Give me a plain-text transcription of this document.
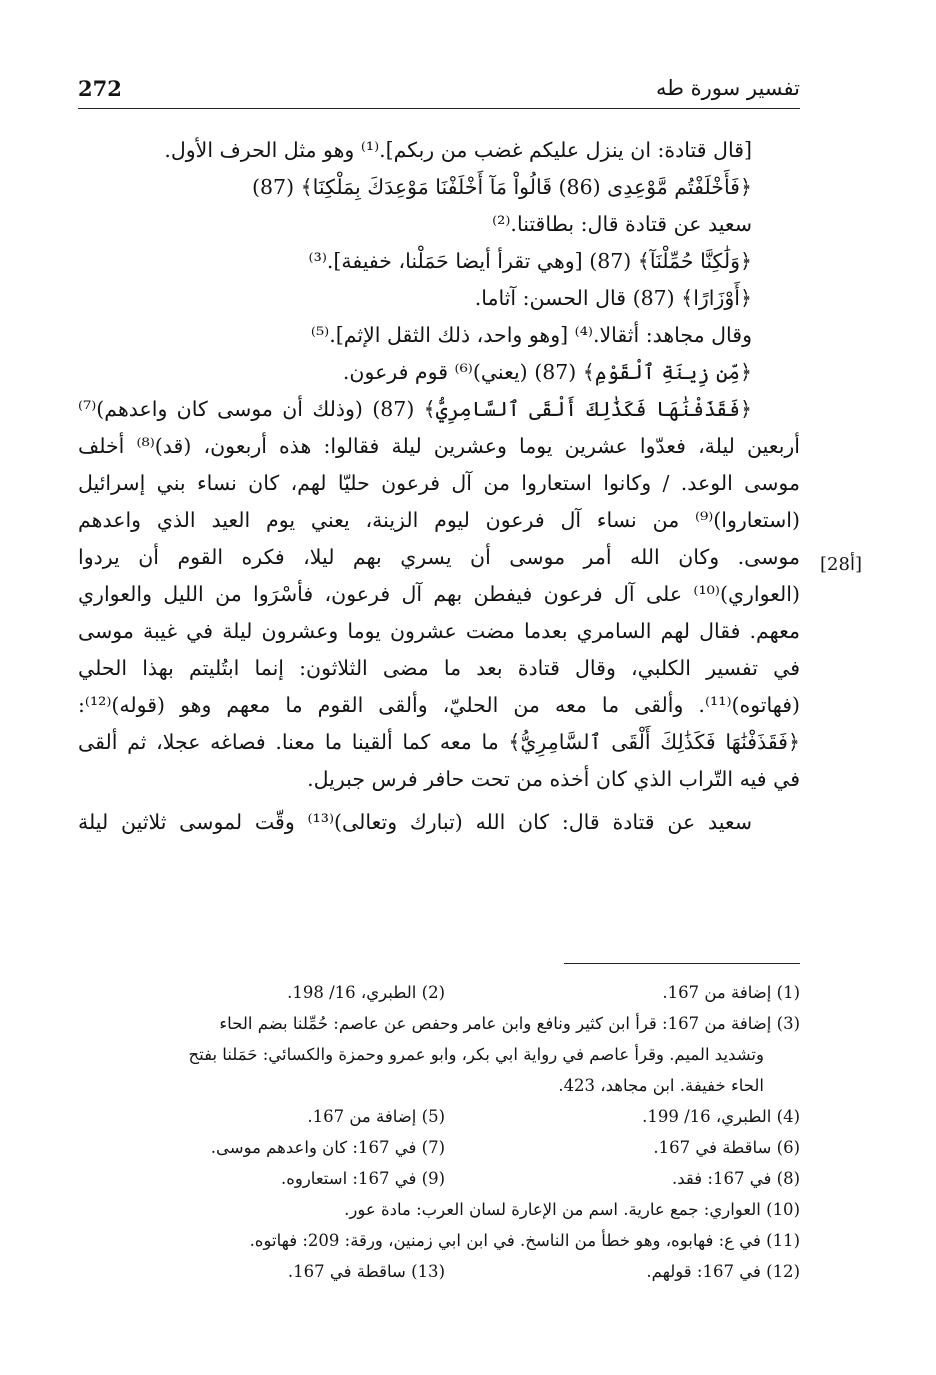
272	تفسير سورة طه
[28أ]
[قال قتادة: ان ينزل عليكم غضب من ربكم].⁽¹⁾ وهو مثل الحرف الأول.
﴿فَأَخْلَفْتُم مَّوْعِدِى (86) قَالُواْ مَآ أَخْلَفْنَا مَوْعِدَكَ بِمَلْكِنَا﴾ (87)
سعيد عن قتادة قال: بطاقتنا.⁽²⁾
﴿وَلَٰكِنَّا حُمِّلْنَآ﴾ (87) [وهي تقرأ أيضا حَمَلْنا، خفيفة].⁽³⁾
﴿أَوْزَارًا﴾ (87) قال الحسن: آثاما.
وقال مجاهد: أثقالا.⁽⁴⁾ [وهو واحد، ذلك الثقل الإثم].⁽⁵⁾
﴿مِّن زِينَةِ ٱلْقَوْمِ﴾ (87) (يعني)⁽⁶⁾ قوم فرعون.
﴿فَقَذَفْنَٰهَا فَكَذَٰلِكَ أَلْقَى ٱلسَّامِرِيُّ﴾ (87) (وذلك أن موسى كان واعدهم)⁽⁷⁾
أربعين ليلة، فعدّوا عشرين يوما وعشرين ليلة فقالوا: هذه أربعون، (قد)⁽⁸⁾ أخلف
موسى الوعد. / وكانوا استعاروا من آل فرعون حليّا لهم، كان نساء بني إسرائيل
(استعاروا)⁽⁹⁾ من نساء آل فرعون ليوم الزينة، يعني يوم العيد الذي واعدهم
موسى. وكان الله أمر موسى أن يسري بهم ليلا، فكره القوم أن يردوا
(العواري)⁽¹⁰⁾ على آل فرعون فيفطن بهم آل فرعون، فأسْرَوا من الليل والعواري
معهم. فقال لهم السامري بعدما مضت عشرون يوما وعشرون ليلة في غيبة موسى
في تفسير الكلبي، وقال قتادة بعد ما مضى الثلاثون: إنما ابتُليتم بهذا الحلي
(فهاتوه)⁽¹¹⁾. وألقى ما معه من الحليّ، وألقى القوم ما معهم وهو (قوله)⁽¹²⁾:
﴿فَقَذَفْنَٰهَا فَكَذَٰلِكَ أَلْقَى ٱلسَّامِرِيُّ﴾ ما معه كما ألقينا ما معنا. فصاغه عجلا، ثم ألقى
في فيه التّراب الذي كان أخذه من تحت حافر فرس جبريل.
سعيد عن قتادة قال: كان الله (تبارك وتعالى)⁽¹³⁾ وقّت لموسى ثلاثين ليلة
(1) إضافة من 167.
(2) الطبري، 16/ 198.
(3) إضافة من 167: قرأ ابن كثير ونافع وابن عامر وحفص عن عاصم: حُمِّلنا بضم الحاء
وتشديد الميم. وقرأ عاصم في رواية ابي بكر، وابو عمرو وحمزة والكسائي: حَمَلنا بفتح
الحاء خفيفة. ابن مجاهد، 423.
(4) الطبري، 16/ 199.
(5) إضافة من 167.
(6) ساقطة في 167.
(7) في 167: كان واعدهم موسى.
(8) في 167: فقد.
(9) في 167: استعاروه.
(10) العواري: جمع عارية. اسم من الإعارة لسان العرب: مادة عور.
(11) في ع: فهابوه، وهو خطأ من الناسخ. في ابن ابي زمنين، ورقة: 209: فهاتوه.
(12) في 167: قولهم.
(13) ساقطة في 167.
